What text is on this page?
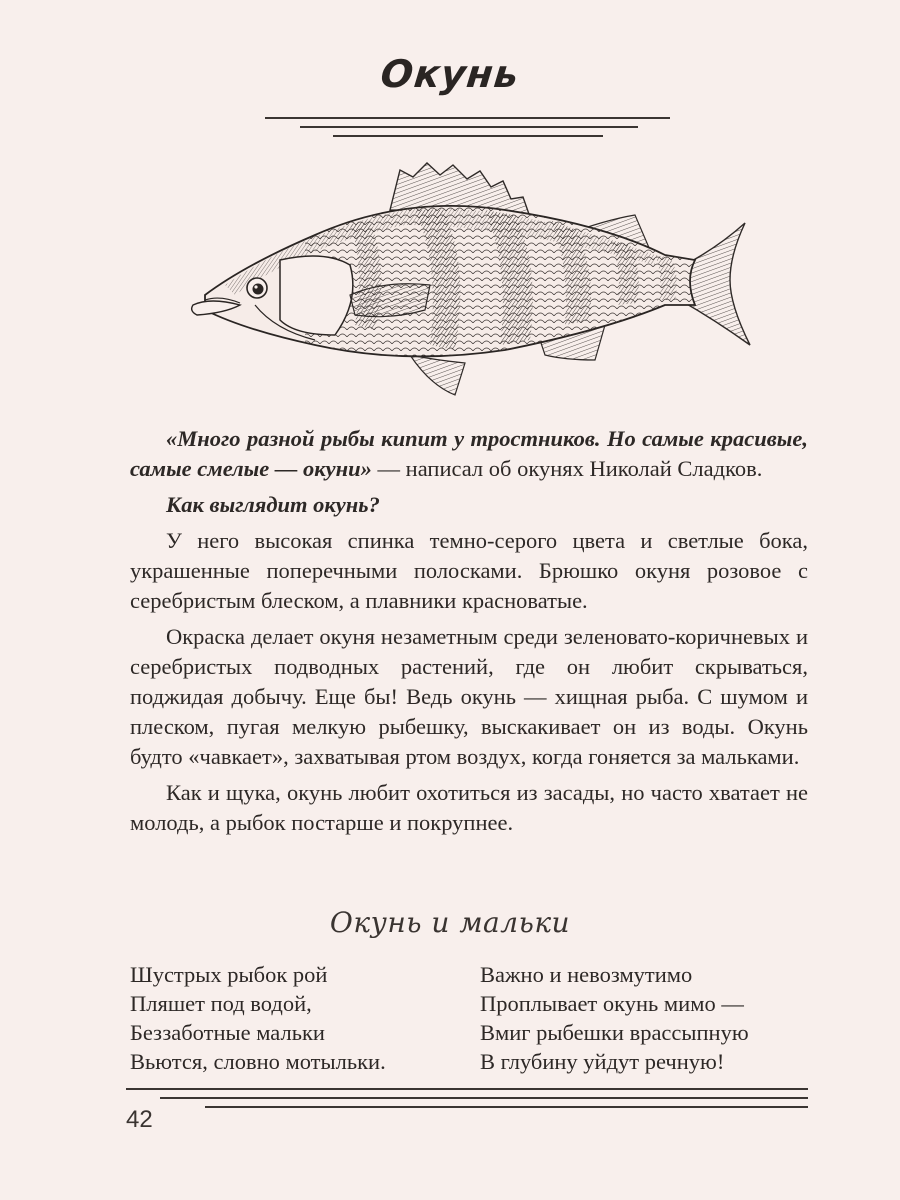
Окунь

«Много разной рыбы кипит у тростников. Но самые красивые, самые смелые — окуни» — написал об окунях Николай Сладков.

Как выглядит окунь?

У него высокая спинка темно-серого цвета и светлые бока, украшенные поперечными полосками. Брюшко окуня розовое с серебристым блеском, а плавники красноватые.

Окраска делает окуня незаметным среди зеленовато-коричневых и серебристых подводных растений, где он любит скрываться, поджидая добычу. Еще бы! Ведь окунь — хищная рыба. С шумом и плеском, пугая мелкую рыбешку, выскакивает он из воды. Окунь будто «чавкает», захватывая ртом воздух, когда гоняется за мальками.

Как и щука, окунь любит охотиться из засады, но часто хватает не молодь, а рыбок постарше и покрупнее.

Окунь и мальки
Шустрых рыбок рой
Пляшет под водой,
Беззаботные мальки
Вьются, словно мотыльки.
Важно и невозмутимо
Проплывает окунь мимо —
Вмиг рыбешки врассыпную
В глубину уйдут речную!
42
